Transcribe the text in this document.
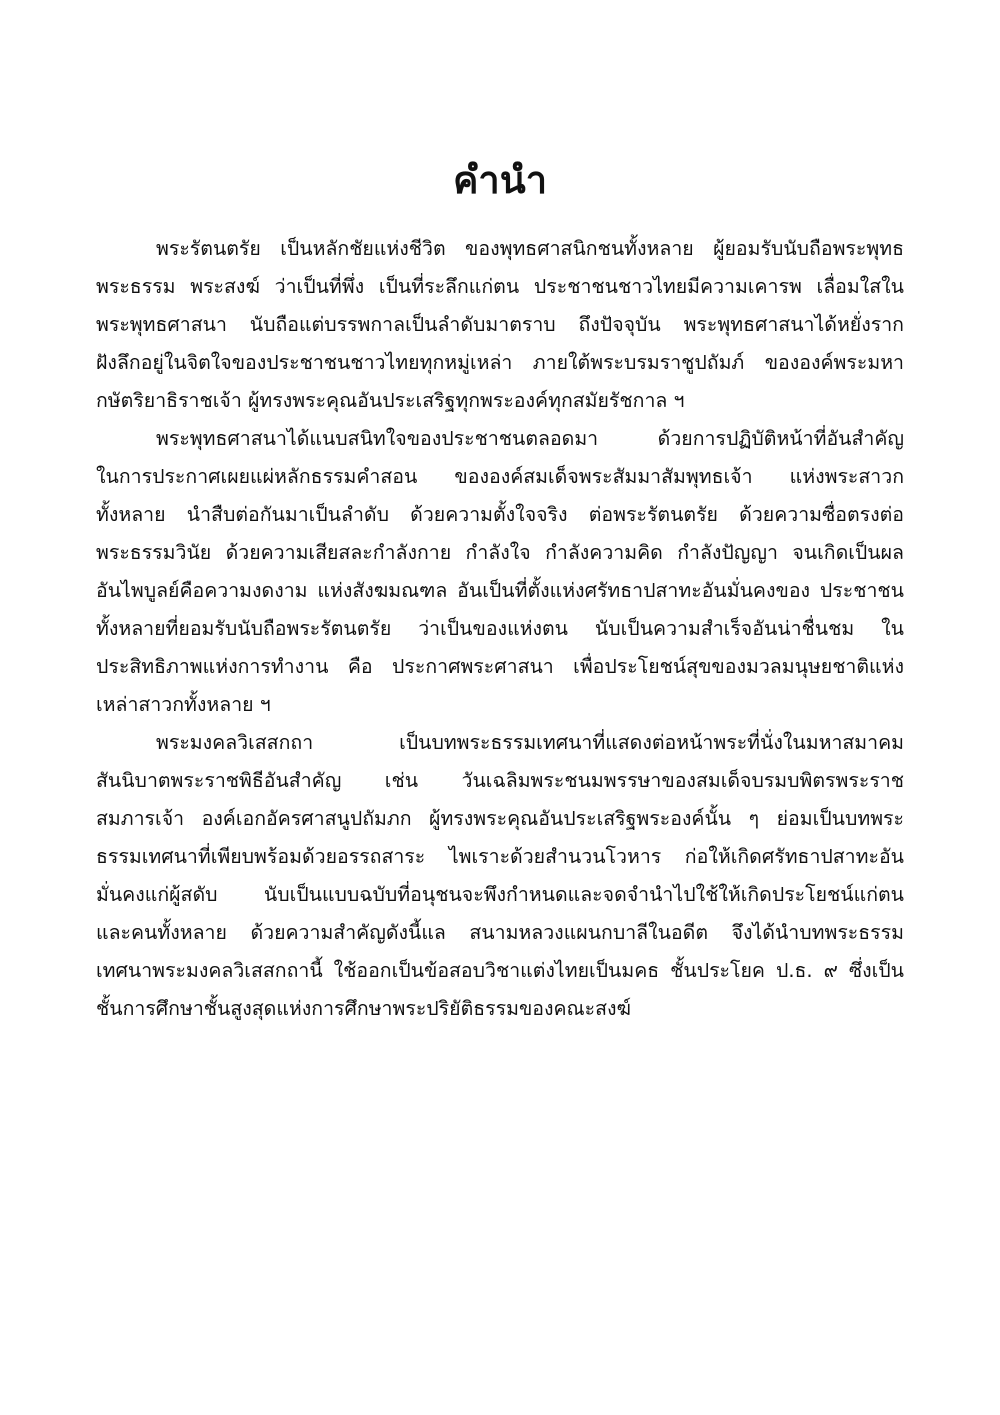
คำนำ
พระรัตนตรัย เป็นหลักชัยแห่งชีวิต ของพุทธศาสนิกชนทั้งหลาย ผู้ยอมรับนับถือพระพุทธ
พระธรรม พระสงฆ์ ว่าเป็นที่พึ่ง เป็นที่ระลึกแก่ตน ประชาชนชาวไทยมีความเคารพ เลื่อมใสใน
พระพุทธศาสนา นับถือแต่บรรพกาลเป็นลำดับมาตราบ ถึงปัจจุบัน พระพุทธศาสนาได้หยั่งราก
ฝังลึกอยู่ในจิตใจของประชาชนชาวไทยทุกหมู่เหล่า ภายใต้พระบรมราชูปถัมภ์ ขององค์พระมหา
กษัตริยาธิราชเจ้า ผู้ทรงพระคุณอันประเสริฐทุกพระองค์ทุกสมัยรัชกาล ฯ
พระพุทธศาสนาได้แนบสนิทใจของประชาชนตลอดมา ด้วยการปฏิบัติหน้าที่อันสำคัญ
ในการประกาศเผยแผ่หลักธรรมคำสอน ขององค์สมเด็จพระสัมมาสัมพุทธเจ้า แห่งพระสาวก
ทั้งหลาย นำสืบต่อกันมาเป็นลำดับ ด้วยความตั้งใจจริง ต่อพระรัตนตรัย ด้วยความซื่อตรงต่อ
พระธรรมวินัย ด้วยความเสียสละกำลังกาย กำลังใจ กำลังความคิด กำลังปัญญา จนเกิดเป็นผล
อันไพบูลย์คือความงดงาม แห่งสังฆมณฑล อันเป็นที่ตั้งแห่งศรัทธาปสาทะอันมั่นคงของ ประชาชน
ทั้งหลายที่ยอมรับนับถือพระรัตนตรัย ว่าเป็นของแห่งตน นับเป็นความสำเร็จอันน่าชื่นชม ใน
ประสิทธิภาพแห่งการทำงาน คือ ประกาศพระศาสนา เพื่อประโยชน์สุขของมวลมนุษยชาติแห่ง
เหล่าสาวกทั้งหลาย ฯ
พระมงคลวิเสสกถา เป็นบทพระธรรมเทศนาที่แสดงต่อหน้าพระที่นั่งในมหาสมาคม
สันนิบาตพระราชพิธีอันสำคัญ เช่น วันเฉลิมพระชนมพรรษาของสมเด็จบรมบพิตรพระราช
สมภารเจ้า องค์เอกอัครศาสนูปถัมภก ผู้ทรงพระคุณอันประเสริฐพระองค์นั้น ๆ ย่อมเป็นบทพระ
ธรรมเทศนาที่เพียบพร้อมด้วยอรรถสาระ ไพเราะด้วยสำนวนโวหาร ก่อให้เกิดศรัทธาปสาทะอัน
มั่นคงแก่ผู้สดับ นับเป็นแบบฉบับที่อนุชนจะพึงกำหนดและจดจำนำไปใช้ให้เกิดประโยชน์แก่ตน
และคนทั้งหลาย ด้วยความสำคัญดังนี้แล สนามหลวงแผนกบาลีในอดีต จึงได้นำบทพระธรรม
เทศนาพระมงคลวิเสสกถานี้ ใช้ออกเป็นข้อสอบวิชาแต่งไทยเป็นมคธ ชั้นประโยค ป.ธ. ๙ ซึ่งเป็น
ชั้นการศึกษาชั้นสูงสุดแห่งการศึกษาพระปริยัติธรรมของคณะสงฆ์
